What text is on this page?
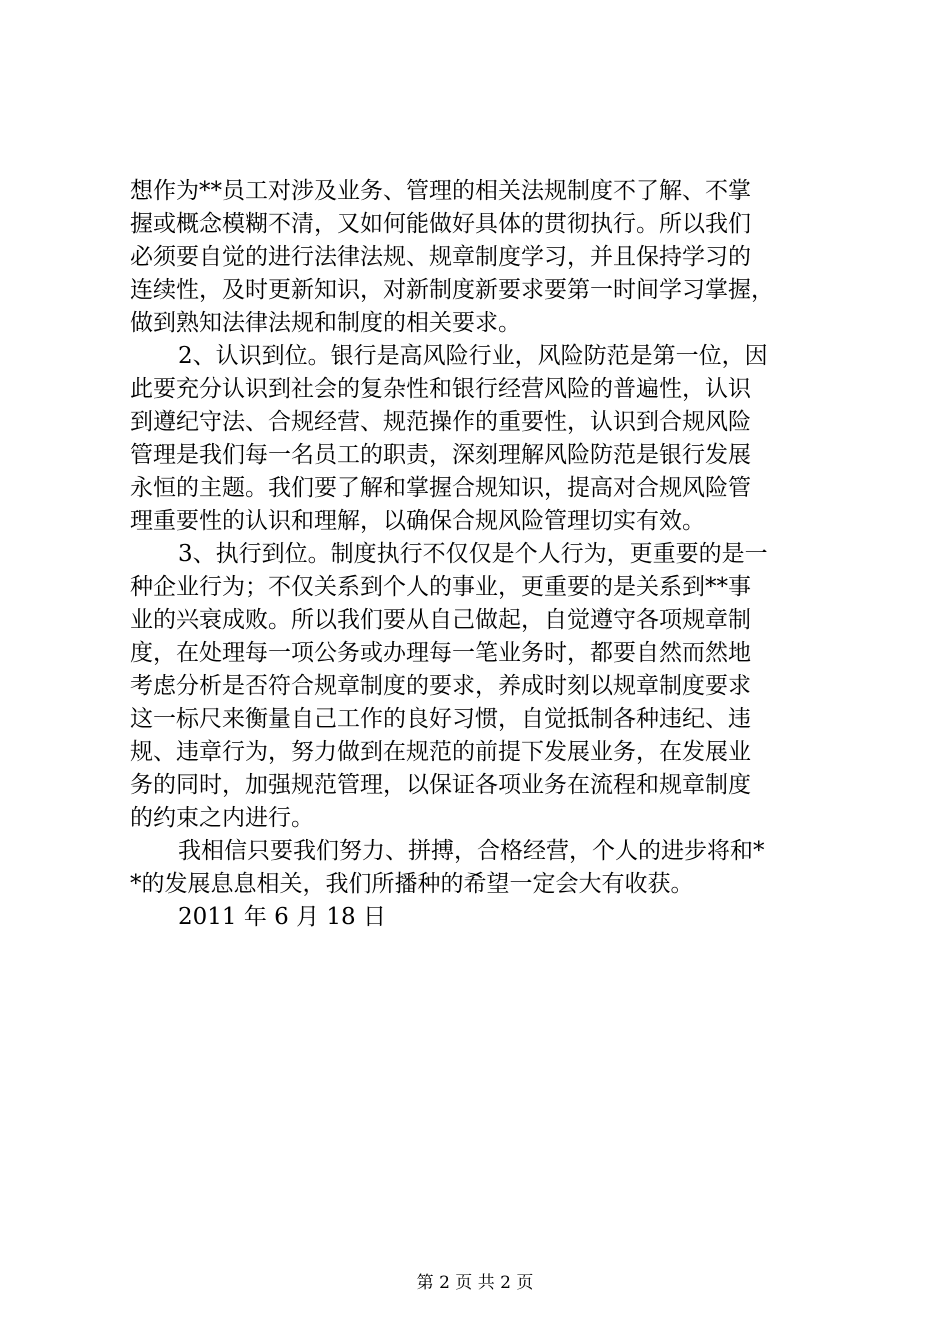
想作为**员工对涉及业务、管理的相关法规制度不了解、不掌
握或概念模糊不清，又如何能做好具体的贯彻执行。所以我们
必须要自觉的进行法律法规、规章制度学习，并且保持学习的
连续性，及时更新知识，对新制度新要求要第一时间学习掌握，
做到熟知法律法规和制度的相关要求。
2、认识到位。银行是高风险行业，风险防范是第一位，因
此要充分认识到社会的复杂性和银行经营风险的普遍性，认识
到遵纪守法、合规经营、规范操作的重要性，认识到合规风险
管理是我们每一名员工的职责，深刻理解风险防范是银行发展
永恒的主题。我们要了解和掌握合规知识，提高对合规风险管
理重要性的认识和理解，以确保合规风险管理切实有效。
3、执行到位。制度执行不仅仅是个人行为，更重要的是一
种企业行为；不仅关系到个人的事业，更重要的是关系到**事
业的兴衰成败。所以我们要从自己做起，自觉遵守各项规章制
度，在处理每一项公务或办理每一笔业务时，都要自然而然地
考虑分析是否符合规章制度的要求，养成时刻以规章制度要求
这一标尺来衡量自己工作的良好习惯，自觉抵制各种违纪、违
规、违章行为，努力做到在规范的前提下发展业务，在发展业
务的同时，加强规范管理，以保证各项业务在流程和规章制度
的约束之内进行。
我相信只要我们努力、拼搏，合格经营，个人的进步将和*
*的发展息息相关，我们所播种的希望一定会大有收获。
2011 年 6 月 18 日
第 2 页 共 2 页
